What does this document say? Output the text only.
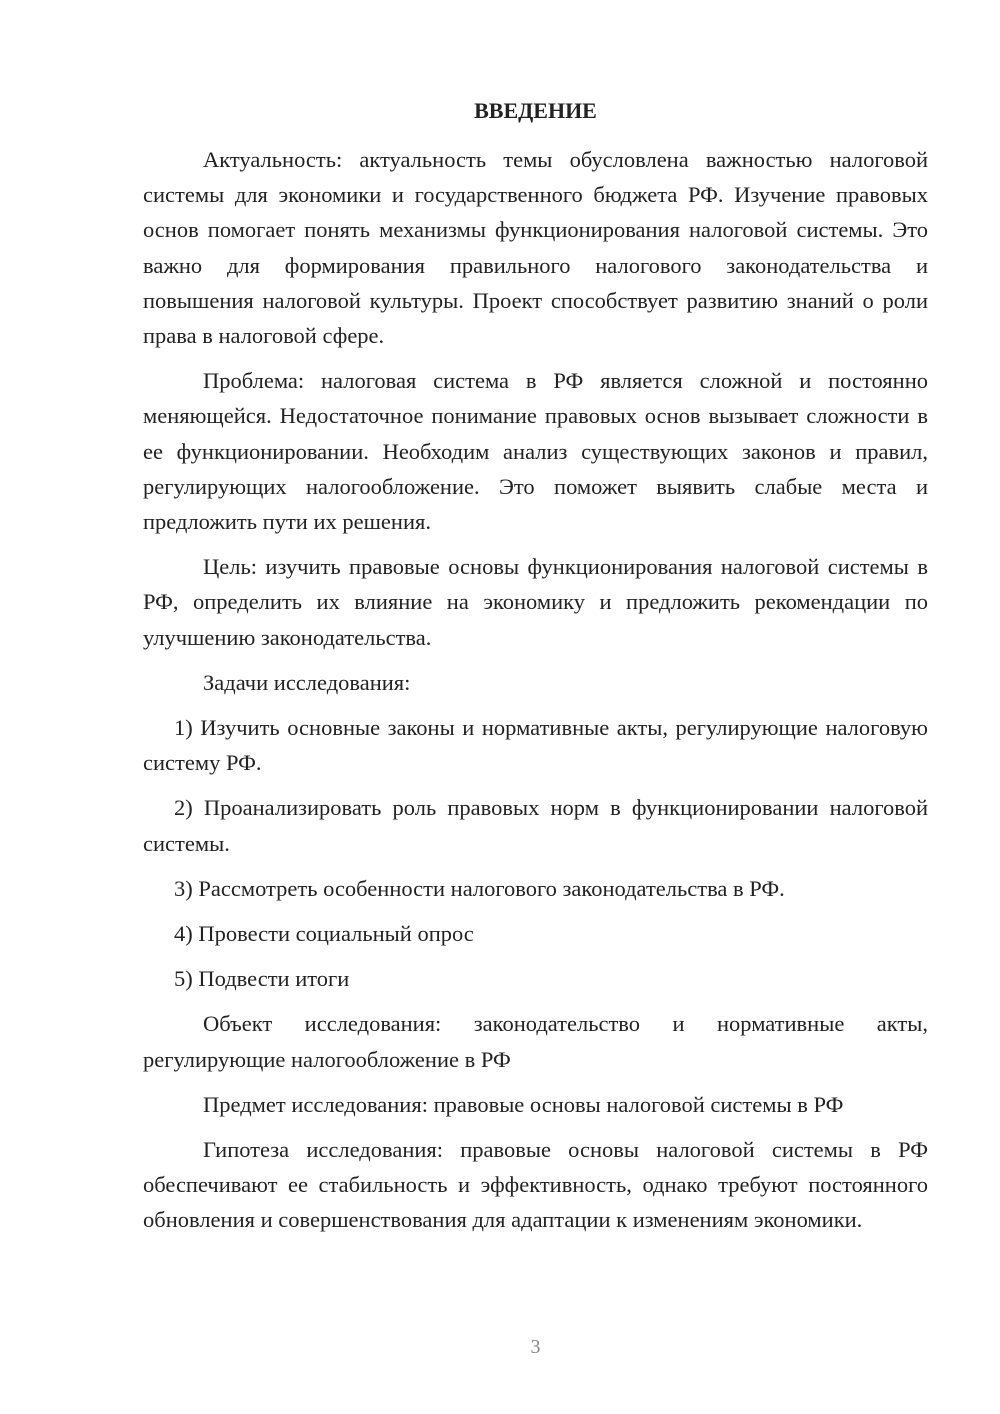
ВВЕДЕНИЕ

Актуальность: актуальность темы обусловлена важностью налоговой системы для экономики и государственного бюджета РФ. Изучение правовых основ помогает понять механизмы функционирования налоговой системы. Это важно для формирования правильного налогового законодательства и повышения налоговой культуры. Проект способствует развитию знаний о роли права в налоговой сфере.

Проблема: налоговая система в РФ является сложной и постоянно меняющейся. Недостаточное понимание правовых основ вызывает сложности в ее функционировании. Необходим анализ существующих законов и правил, регулирующих налогообложение. Это поможет выявить слабые места и предложить пути их решения.

Цель: изучить правовые основы функционирования налоговой системы в РФ, определить их влияние на экономику и предложить рекомендации по улучшению законодательства.

Задачи исследования:

1) Изучить основные законы и нормативные акты, регулирующие налоговую систему РФ.

2) Проанализировать роль правовых норм в функционировании налоговой системы.

3) Рассмотреть особенности налогового законодательства в РФ.

4) Провести социальный опрос

5) Подвести итоги

Объект исследования: законодательство и нормативные акты, регулирующие налогообложение в РФ

Предмет исследования: правовые основы налоговой системы в РФ

Гипотеза исследования: правовые основы налоговой системы в РФ обеспечивают ее стабильность и эффективность, однако требуют постоянного обновления и совершенствования для адаптации к изменениям экономики.

3
